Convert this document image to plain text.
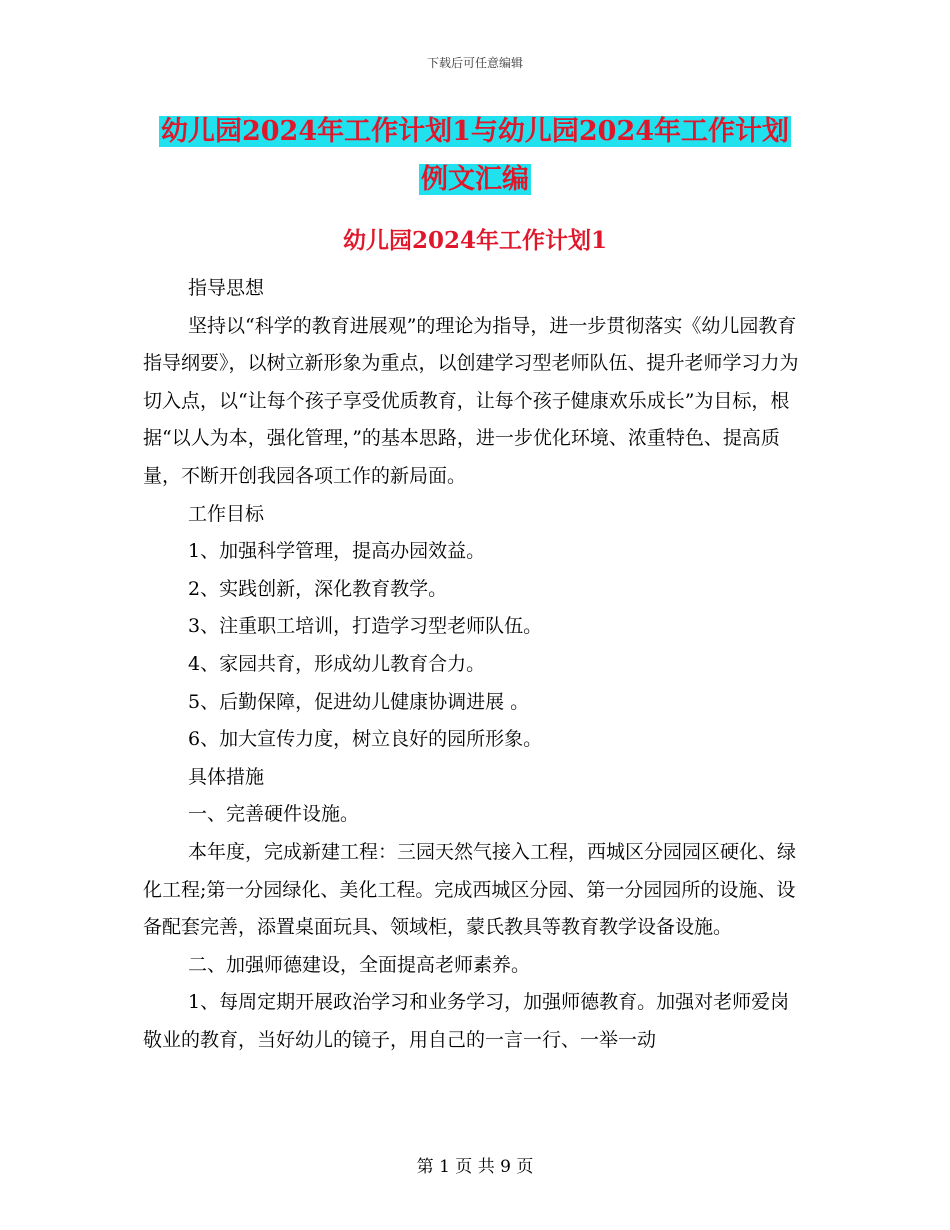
下载后可任意编辑
幼儿园2024年工作计划1与幼儿园2024年工作计划
例文汇编
幼儿园2024年工作计划1

指导思想

坚持以“科学的教育进展观”的理论为指导，进一步贯彻落实《幼儿园教育指导纲要》，以树立新形象为重点，以创建学习型老师队伍、提升老师学习力为切入点，以“让每个孩子享受优质教育，让每个孩子健康欢乐成长”为目标，根据“以人为本，强化管理，”的基本思路，进一步优化环境、浓重特色、提高质量，不断开创我园各项工作的新局面。

工作目标

1、加强科学管理，提高办园效益。

2、实践创新，深化教育教学。

3、注重职工培训，打造学习型老师队伍。

4、家园共育，形成幼儿教育合力。

5、后勤保障，促进幼儿健康协调进展 。

6、加大宣传力度，树立良好的园所形象。

具体措施

一、完善硬件设施。

本年度，完成新建工程：三园天然气接入工程，西城区分园园区硬化、绿化工程;第一分园绿化、美化工程。完成西城区分园、第一分园园所的设施、设备配套完善，添置桌面玩具、领域柜，蒙氏教具等教育教学设备设施。

二、加强师德建设，全面提高老师素养。

1、每周定期开展政治学习和业务学习，加强师德教育。加强对老师爱岗敬业的教育，当好幼儿的镜子，用自己的一言一行、一举一动

第 1 页 共 9 页
